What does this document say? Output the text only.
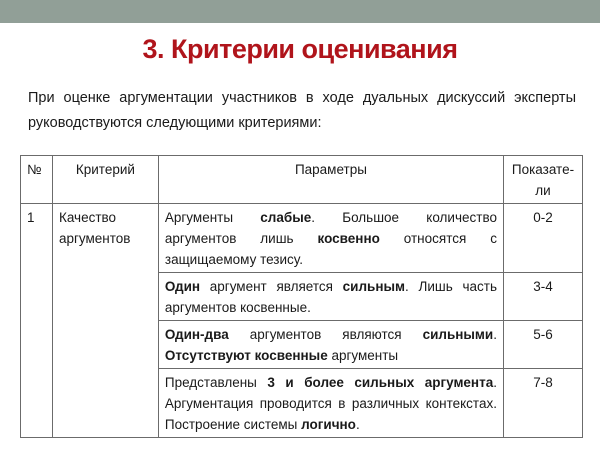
3. Критерии оценивания
При оценке аргументации участников в ходе дуальных дискуссий эксперты
руководствуются следующими критериями:
№	Критерий	Параметры	Показате-ли
1	Качество аргументов	Аргументы слабые. Большое количество аргументов лишь косвенно относятся с защищаемому тезису.	0-2
		Один аргумент является сильным. Лишь часть аргументов косвенные.	3-4
		Один-два аргументов являются сильными. Отсутствуют косвенные аргументы	5-6
		Представлены 3 и более сильных аргумента. Аргументация проводится в различных контекстах. Построение системы логично.	7-8
